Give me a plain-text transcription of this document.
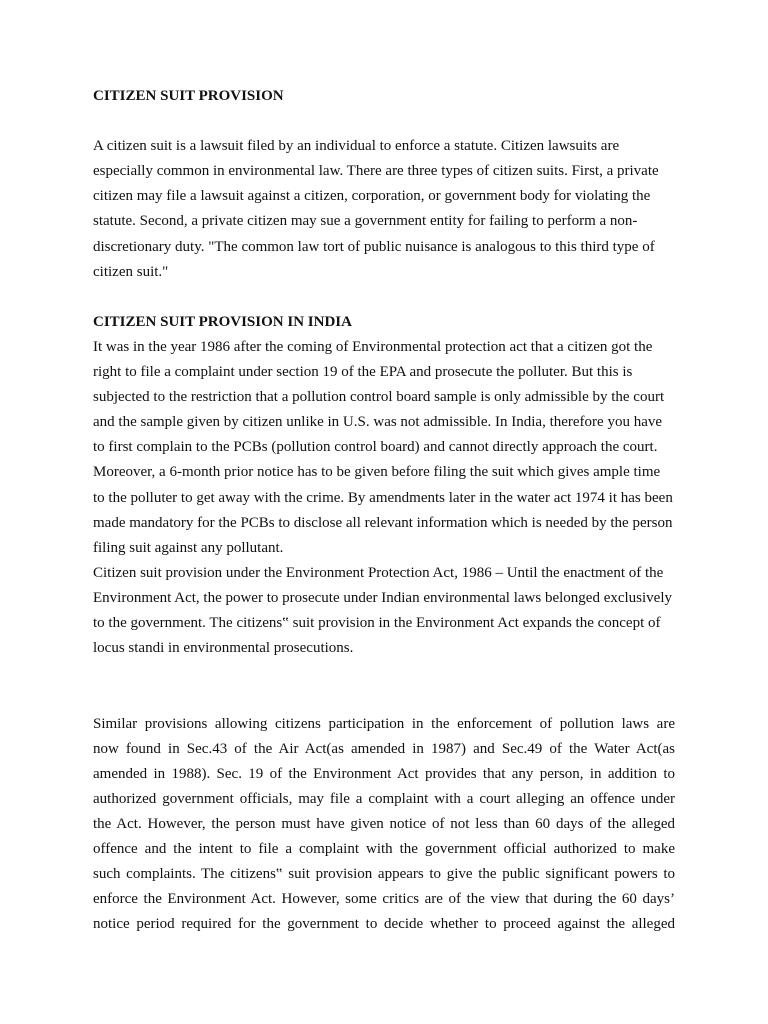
CITIZEN SUIT PROVISION

A citizen suit is a lawsuit filed by an individual to enforce a statute. Citizen lawsuits are especially common in environmental law. There are three types of citizen suits. First, a private citizen may file a lawsuit against a citizen, corporation, or government body for violating the statute. Second, a private citizen may sue a government entity for failing to perform a non-discretionary duty. "The common law tort of public nuisance is analogous to this third type of citizen suit."

CITIZEN SUIT PROVISION IN INDIA

It was in the year 1986 after the coming of Environmental protection act that a citizen got the right to file a complaint under section 19 of the EPA and prosecute the polluter. But this is subjected to the restriction that a pollution control board sample is only admissible by the court and the sample given by citizen unlike in U.S. was not admissible. In India, therefore you have to first complain to the PCBs (pollution control board) and cannot directly approach the court. Moreover, a 6-month prior notice has to be given before filing the suit which gives ample time to the polluter to get away with the crime. By amendments later in the water act 1974 it has been made mandatory for the PCBs to disclose all relevant information which is needed by the person filing suit against any pollutant.

Citizen suit provision under the Environment Protection Act, 1986 – Until the enactment of the Environment Act, the power to prosecute under Indian environmental laws belonged exclusively to the government. The citizens‟ suit provision in the Environment Act expands the concept of locus standi in environmental prosecutions.

Similar provisions allowing citizens participation in the enforcement of pollution laws are
now found in Sec.43 of the Air Act(as amended in 1987) and Sec.49 of the Water Act(as
amended in 1988). Sec. 19 of the Environment Act provides that any person, in addition to
authorized government officials, may file a complaint with a court alleging an offence under
the Act. However, the person must have given notice of not less than 60 days of the alleged
offence and the intent to file a complaint with the government official authorized to make
such complaints. The citizens‟ suit provision appears to give the public significant powers to
enforce the Environment Act. However, some critics are of the view that during the 60 days’
notice period required for the government to decide whether to proceed against the alleged
